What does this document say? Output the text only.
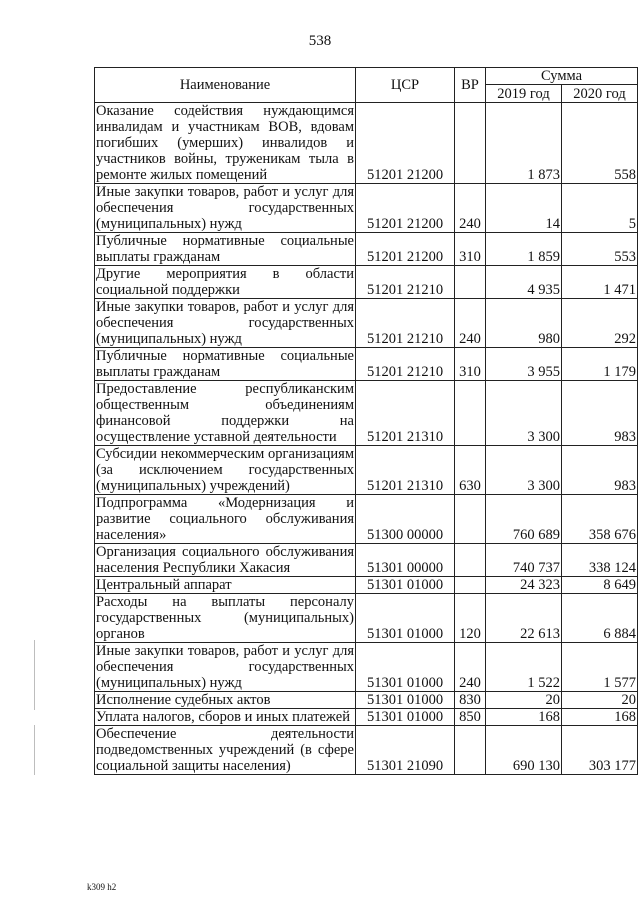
538
Наименование	ЦСР	ВР	Сумма	
			2019 год	2020 год
Оказание содействия нуждающимся инвалидам и участникам ВОВ, вдовам погибших (умерших) инвалидов и участников войны, труженикам тыла в ремонте жилых помещений	51201 21200		1 873	558
Иные закупки товаров, работ и услуг для обеспечения государственных (муниципальных) нужд	51201 21200	240	14	5
Публичные нормативные социальные выплаты гражданам	51201 21200	310	1 859	553
Другие мероприятия в области социальной поддержки	51201 21210		4 935	1 471
Иные закупки товаров, работ и услуг для обеспечения государственных (муниципальных) нужд	51201 21210	240	980	292
Публичные нормативные социальные выплаты гражданам	51201 21210	310	3 955	1 179
Предоставление республиканским общественным объединениям финансовой поддержки на осуществление уставной деятельности	51201 21310		3 300	983
Субсидии некоммерческим организациям (за исключением государственных (муниципальных) учреждений)	51201 21310	630	3 300	983
Подпрограмма «Модернизация и развитие социального обслуживания населения»	51300 00000		760 689	358 676
Организация социального обслуживания населения Республики Хакасия	51301 00000		740 737	338 124
Центральный аппарат	51301 01000		24 323	8 649
Расходы на выплаты персоналу государственных (муниципальных) органов	51301 01000	120	22 613	6 884
Иные закупки товаров, работ и услуг для обеспечения государственных (муниципальных) нужд	51301 01000	240	1 522	1 577
Исполнение судебных актов	51301 01000	830	20	20
Уплата налогов, сборов и иных платежей	51301 01000	850	168	168
Обеспечение деятельности подведомственных учреждений (в сфере социальной защиты населения)	51301 21090		690 130	303 177
k309 h2
